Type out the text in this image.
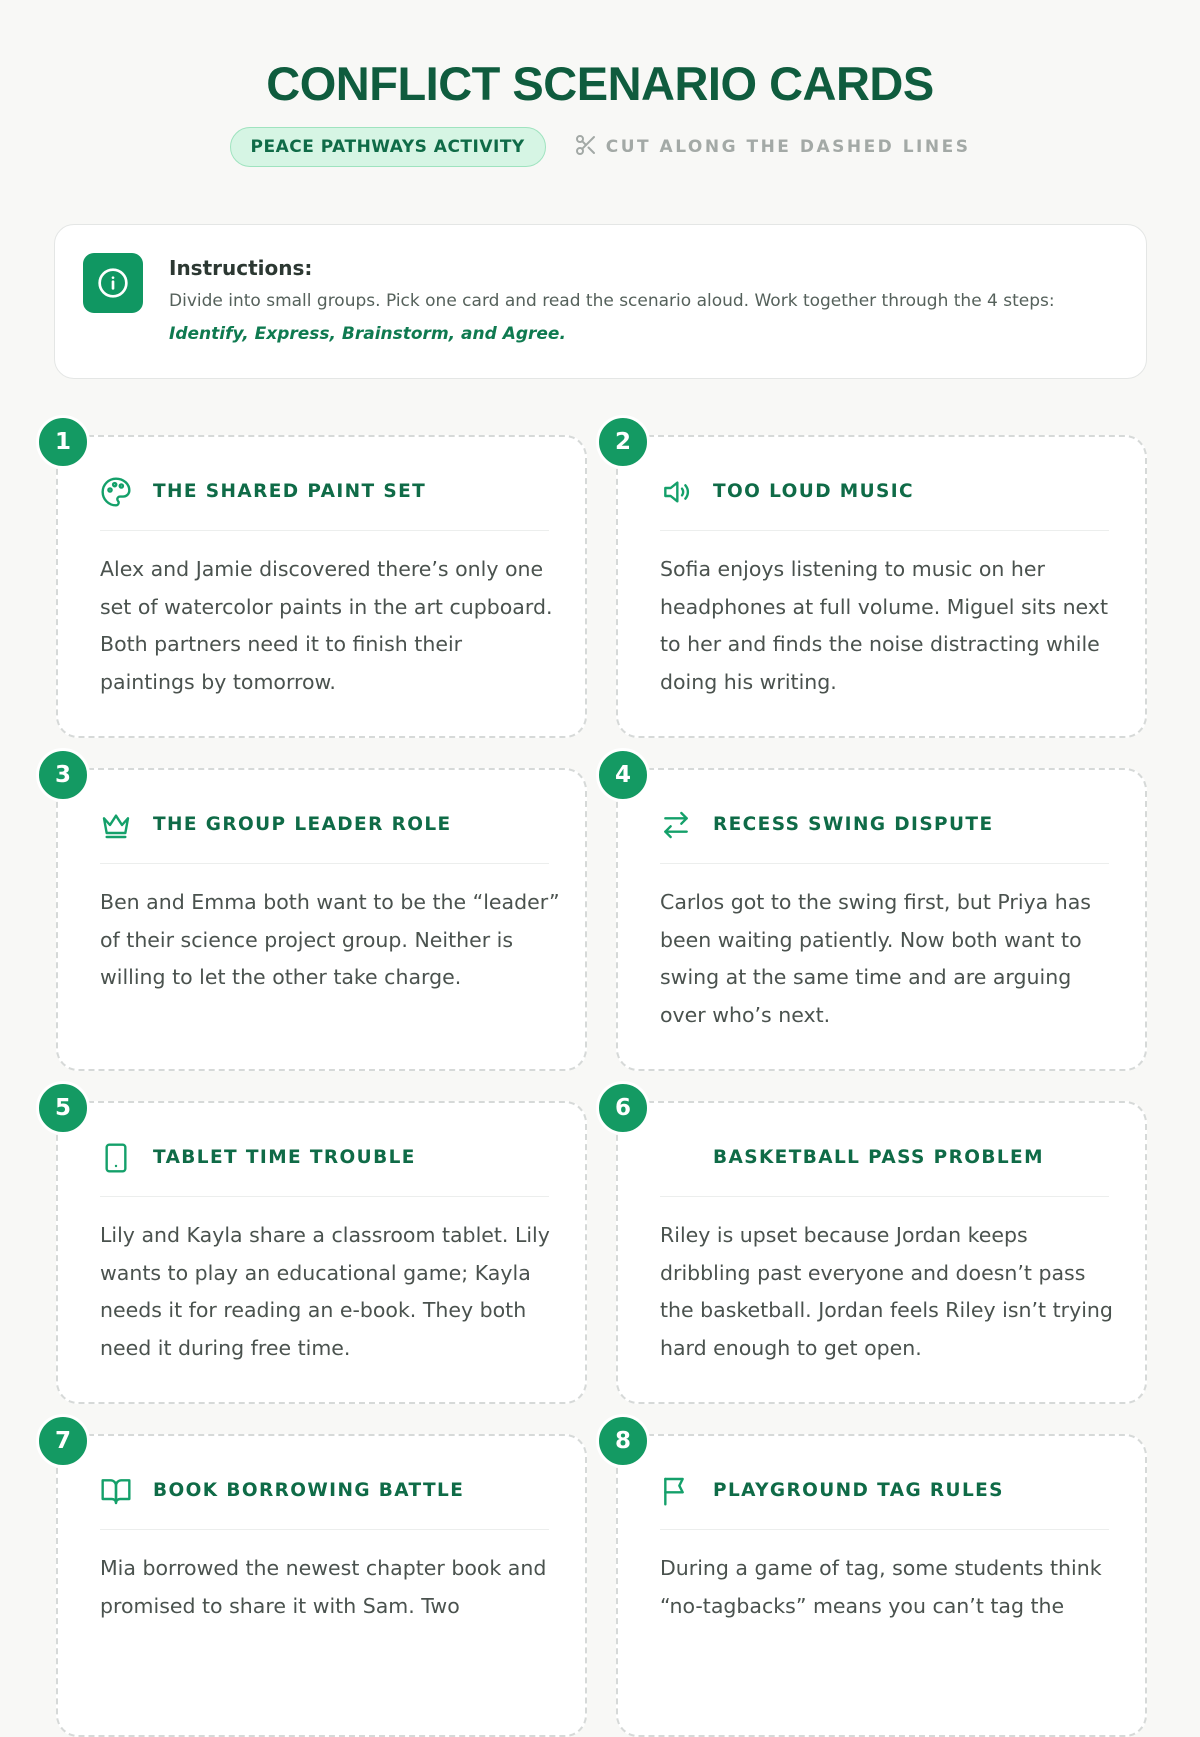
CONFLICT SCENARIO CARDS
PEACE PATHWAYS ACTIVITY	CUT ALONG THE DASHED LINES
Instructions:
Divide into small groups. Pick one card and read the scenario aloud. Work together through the 4 steps:
Identify, Express, Brainstorm, and Agree.
THE SHARED PAINT SET
Alex and Jamie discovered there’s only one set of watercolor paints in the art cupboard. Both partners need it to finish their paintings by tomorrow.
1
TOO LOUD MUSIC
Sofia enjoys listening to music on her headphones at full volume. Miguel sits next to her and finds the noise distracting while doing his writing.
2
THE GROUP LEADER ROLE
Ben and Emma both want to be the “leader” of their science project group. Neither is willing to let the other take charge.
3
RECESS SWING DISPUTE
Carlos got to the swing first, but Priya has been waiting patiently. Now both want to swing at the same time and are arguing over who’s next.
4
TABLET TIME TROUBLE
Lily and Kayla share a classroom tablet. Lily wants to play an educational game; Kayla needs it for reading an e-book. They both need it during free time.
5
BASKETBALL PASS PROBLEM
Riley is upset because Jordan keeps dribbling past everyone and doesn’t pass the basketball. Jordan feels Riley isn’t trying hard enough to get open.
6
BOOK BORROWING BATTLE
Mia borrowed the newest chapter book and promised to share it with Sam. Two
7
PLAYGROUND TAG RULES
During a game of tag, some students think “no-tagbacks” means you can’t tag the
8
